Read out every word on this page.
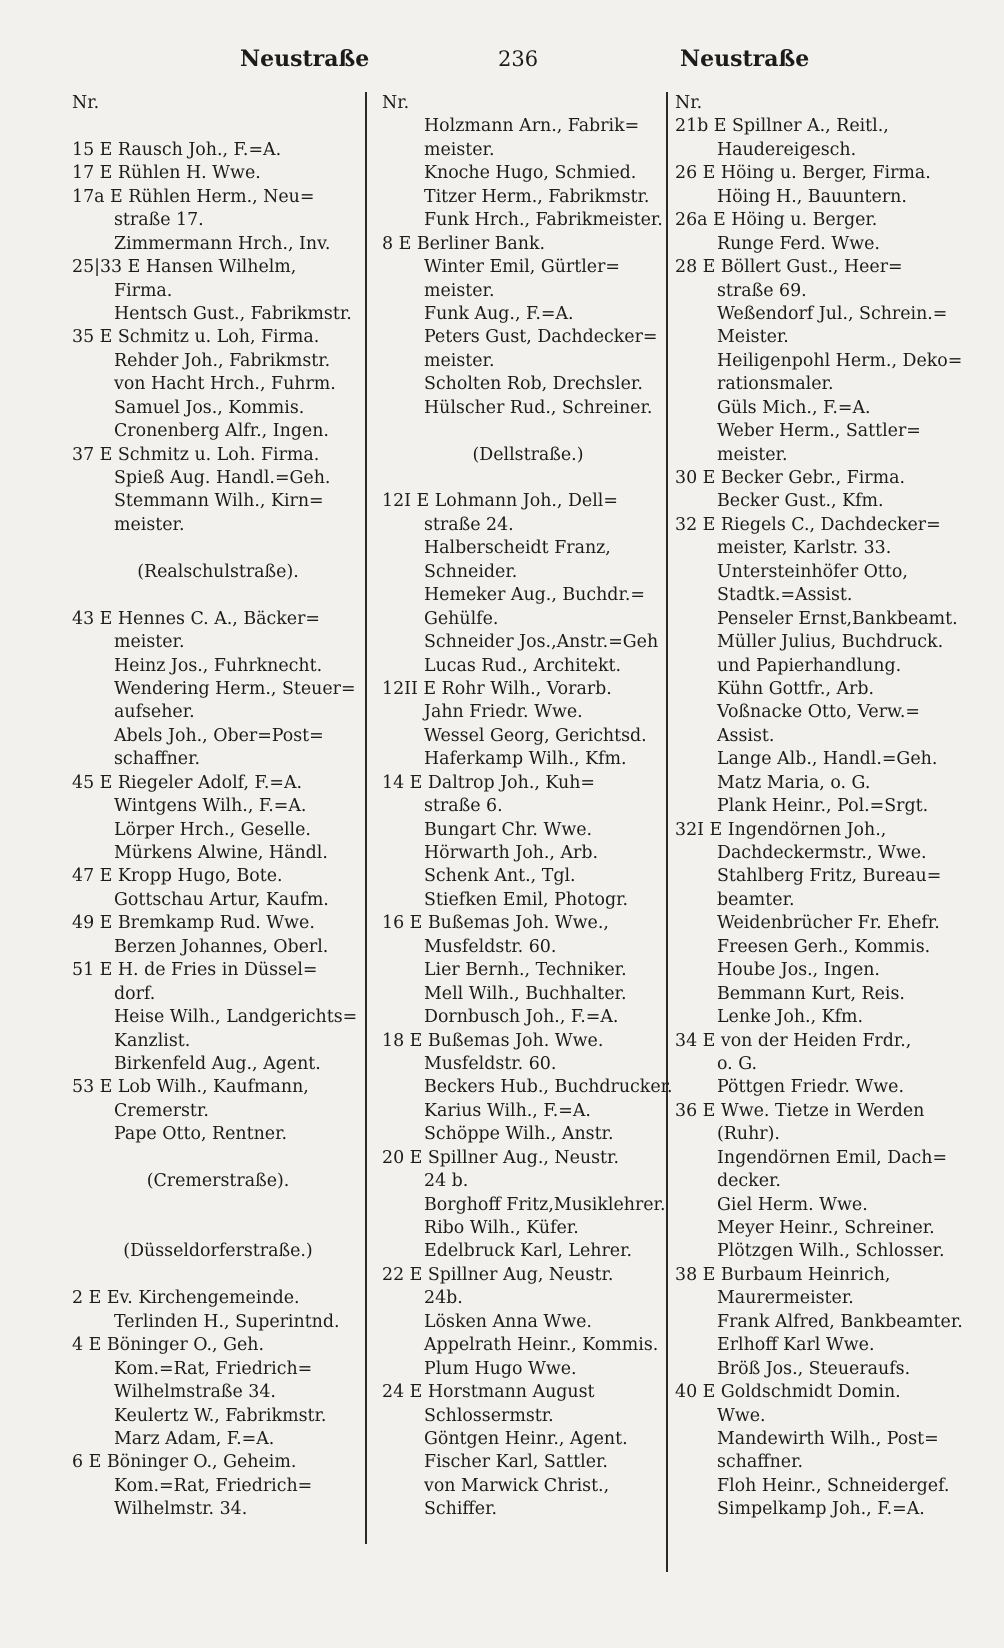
Neustraße	236	Neustraße
Nr.
15 E Rausch Joh., F.=A.
17 E Rühlen H. Wwe.
17a E Rühlen Herm., Neu=
straße 17.
Zimmermann Hrch., Inv.
25|33 E Hansen Wilhelm,
Firma.
Hentsch Gust., Fabrikmstr.
35 E Schmitz u. Loh, Firma.
Rehder Joh., Fabrikmstr.
von Hacht Hrch., Fuhrm.
Samuel Jos., Kommis.
Cronenberg Alfr., Ingen.
37 E Schmitz u. Loh. Firma.
Spieß Aug. Handl.=Geh.
Stemmann Wilh., Kirn=
meister.
(Realschulstraße).
43 E Hennes C. A., Bäcker=
meister.
Heinz Jos., Fuhrknecht.
Wendering Herm., Steuer=
aufseher.
Abels Joh., Ober=Post=
schaffner.
45 E Riegeler Adolf, F.=A.
Wintgens Wilh., F.=A.
Lörper Hrch., Geselle.
Mürkens Alwine, Händl.
47 E Kropp Hugo, Bote.
Gottschau Artur, Kaufm.
49 E Bremkamp Rud. Wwe.
Berzen Johannes, Oberl.
51 E H. de Fries in Düssel=
dorf.
Heise Wilh., Landgerichts=
Kanzlist.
Birkenfeld Aug., Agent.
53 E Lob Wilh., Kaufmann,
Cremerstr.
Pape Otto, Rentner.
(Cremerstraße).
(Düsseldorferstraße.)
2 E Ev. Kirchengemeinde.
Terlinden H., Superintnd.
4 E Böninger O., Geh.
Kom.=Rat, Friedrich=
Wilhelmstraße 34.
Keulertz W., Fabrikmstr.
Marz Adam, F.=A.
6 E Böninger O., Geheim.
Kom.=Rat, Friedrich=
Wilhelmstr. 34.
Nr.
Holzmann Arn., Fabrik=
meister.
Knoche Hugo, Schmied.
Titzer Herm., Fabrikmstr.
Funk Hrch., Fabrikmeister.
8 E Berliner Bank.
Winter Emil, Gürtler=
meister.
Funk Aug., F.=A.
Peters Gust, Dachdecker=
meister.
Scholten Rob, Drechsler.
Hülscher Rud., Schreiner.
(Dellstraße.)
12I E Lohmann Joh., Dell=
straße 24.
Halberscheidt Franz,
Schneider.
Hemeker Aug., Buchdr.=
Gehülfe.
Schneider Jos.,Anstr.=Geh
Lucas Rud., Architekt.
12II E Rohr Wilh., Vorarb.
Jahn Friedr. Wwe.
Wessel Georg, Gerichtsd.
Haferkamp Wilh., Kfm.
14 E Daltrop Joh., Kuh=
straße 6.
Bungart Chr. Wwe.
Hörwarth Joh., Arb.
Schenk Ant., Tgl.
Stiefken Emil, Photogr.
16 E Bußemas Joh. Wwe.,
Musfeldstr. 60.
Lier Bernh., Techniker.
Mell Wilh., Buchhalter.
Dornbusch Joh., F.=A.
18 E Bußemas Joh. Wwe.
Musfeldstr. 60.
Beckers Hub., Buchdrucker.
Karius Wilh., F.=A.
Schöppe Wilh., Anstr.
20 E Spillner Aug., Neustr.
24 b.
Borghoff Fritz,Musiklehrer.
Ribo Wilh., Küfer.
Edelbruck Karl, Lehrer.
22 E Spillner Aug, Neustr.
24b.
Lösken Anna Wwe.
Appelrath Heinr., Kommis.
Plum Hugo Wwe.
24 E Horstmann August
Schlossermstr.
Göntgen Heinr., Agent.
Fischer Karl, Sattler.
von Marwick Christ.,
Schiffer.
Nr.
21b E Spillner A., Reitl.,
Haudereigesch.
26 E Höing u. Berger, Firma.
Höing H., Bauuntern.
26a E Höing u. Berger.
Runge Ferd. Wwe.
28 E Böllert Gust., Heer=
straße 69.
Weßendorf Jul., Schrein.=
Meister.
Heiligenpohl Herm., Deko=
rationsmaler.
Güls Mich., F.=A.
Weber Herm., Sattler=
meister.
30 E Becker Gebr., Firma.
Becker Gust., Kfm.
32 E Riegels C., Dachdecker=
meister, Karlstr. 33.
Untersteinhöfer Otto,
Stadtk.=Assist.
Penseler Ernst,Bankbeamt.
Müller Julius, Buchdruck.
und Papierhandlung.
Kühn Gottfr., Arb.
Voßnacke Otto, Verw.=
Assist.
Lange Alb., Handl.=Geh.
Matz Maria, o. G.
Plank Heinr., Pol.=Srgt.
32I E Ingendörnen Joh.,
Dachdeckermstr., Wwe.
Stahlberg Fritz, Bureau=
beamter.
Weidenbrücher Fr. Ehefr.
Freesen Gerh., Kommis.
Hoube Jos., Ingen.
Bemmann Kurt, Reis.
Lenke Joh., Kfm.
34 E von der Heiden Frdr.,
o. G.
Pöttgen Friedr. Wwe.
36 E Wwe. Tietze in Werden
(Ruhr).
Ingendörnen Emil, Dach=
decker.
Giel Herm. Wwe.
Meyer Heinr., Schreiner.
Plötzgen Wilh., Schlosser.
38 E Burbaum Heinrich,
Maurermeister.
Frank Alfred, Bankbeamter.
Erlhoff Karl Wwe.
Bröß Jos., Steueraufs.
40 E Goldschmidt Domin.
Wwe.
Mandewirth Wilh., Post=
schaffner.
Floh Heinr., Schneidergef.
Simpelkamp Joh., F.=A.
